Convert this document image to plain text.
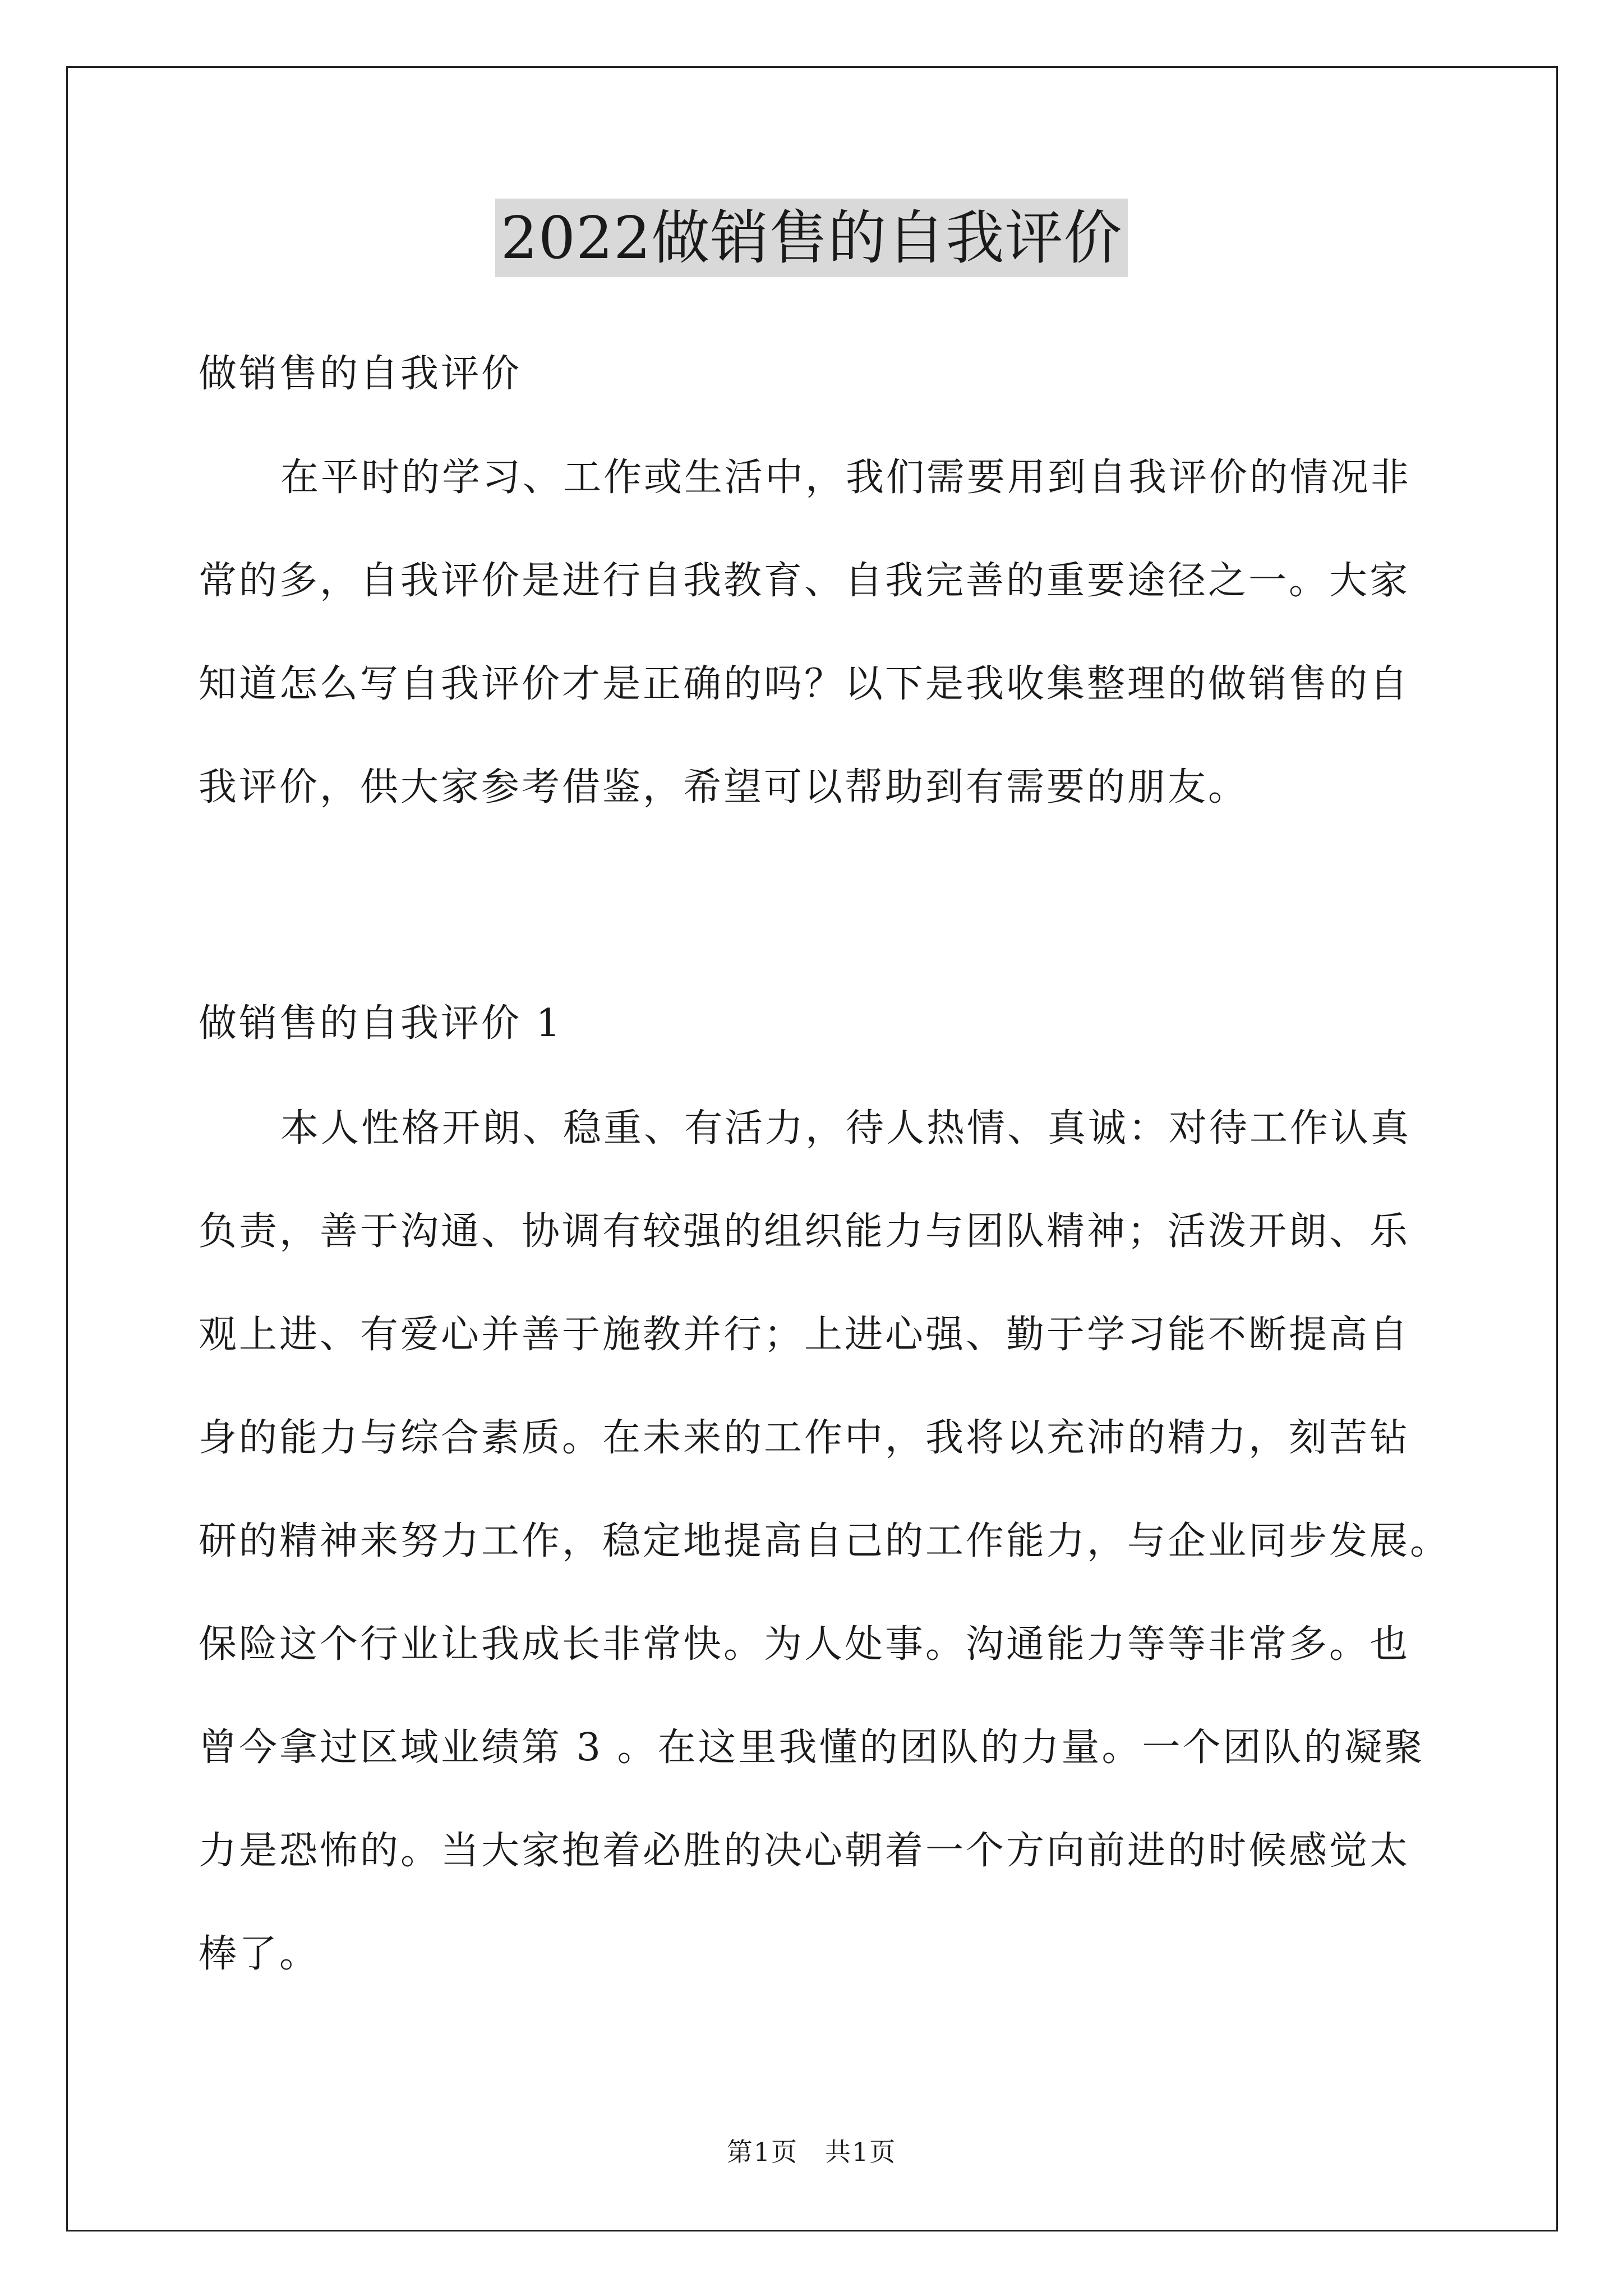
2022做销售的自我评价
做销售的自我评价
在平时的学习、工作或生活中，我们需要用到自我评价的情况非
常的多，自我评价是进行自我教育、自我完善的重要途径之一。大家
知道怎么写自我评价才是正确的吗？以下是我收集整理的做销售的自
我评价，供大家参考借鉴，希望可以帮助到有需要的朋友。
做销售的自我评价 1
本人性格开朗、稳重、有活力，待人热情、真诚：对待工作认真
负责，善于沟通、协调有较强的组织能力与团队精神；活泼开朗、乐
观上进、有爱心并善于施教并行；上进心强、勤于学习能不断提高自
身的能力与综合素质。在未来的工作中，我将以充沛的精力，刻苦钻
研的精神来努力工作，稳定地提高自己的工作能力，与企业同步发展。
保险这个行业让我成长非常快。为人处事。沟通能力等等非常多。也
曾今拿过区域业绩第 3 。在这里我懂的团队的力量。一个团队的凝聚
力是恐怖的。当大家抱着必胜的决心朝着一个方向前进的时候感觉太
棒了。
第1页　共1页
